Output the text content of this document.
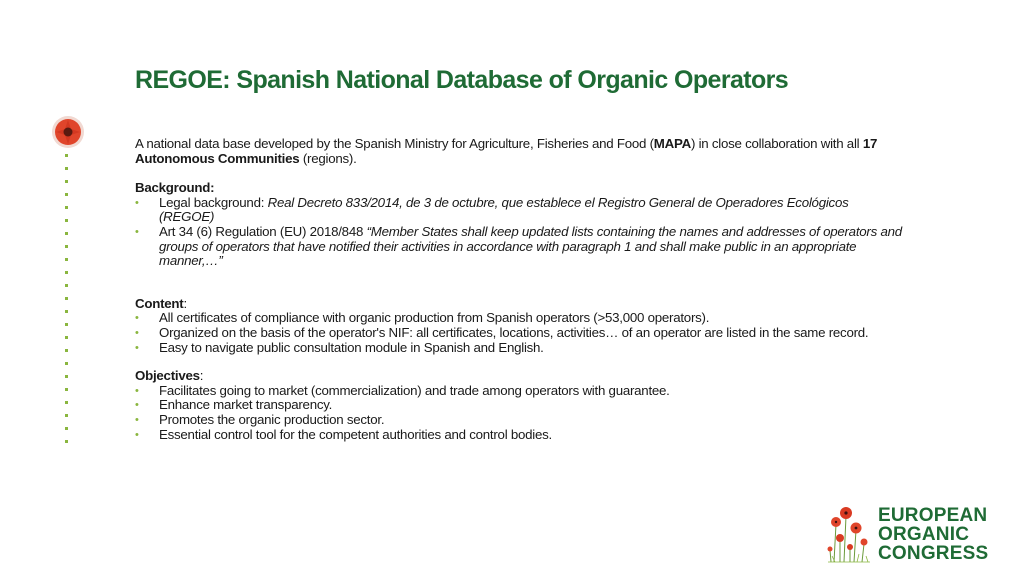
REGOE: Spanish National Database of Organic Operators

A national data base developed by the Spanish Ministry for Agriculture, Fisheries and Food (MAPA) in close collaboration with all 17 Autonomous Communities (regions).

Background:

• Legal background: Real Decreto 833/2014, de 3 de octubre, que establece el Registro General de Operadores Ecológicos (REGOE)
• Art 34 (6) Regulation (EU) 2018/848 “Member States shall keep updated lists containing the names and addresses of operators and groups of operators that have notified their activities in accordance with paragraph 1 and shall make public in an appropriate manner,…”

Content:

• All certificates of compliance with organic production from Spanish operators (>53,000 operators).
• Organized on the basis of the operator's NIF: all certificates, locations, activities… of an operator are listed in the same record.
• Easy to navigate public consultation module in Spanish and English.

Objectives:

• Facilitates going to market (commercialization) and trade among operators with guarantee.
• Enhance market transparency.
• Promotes the organic production sector.
• Essential control tool for the competent authorities and control bodies.
EUROPEAN
ORGANIC
CONGRESS
